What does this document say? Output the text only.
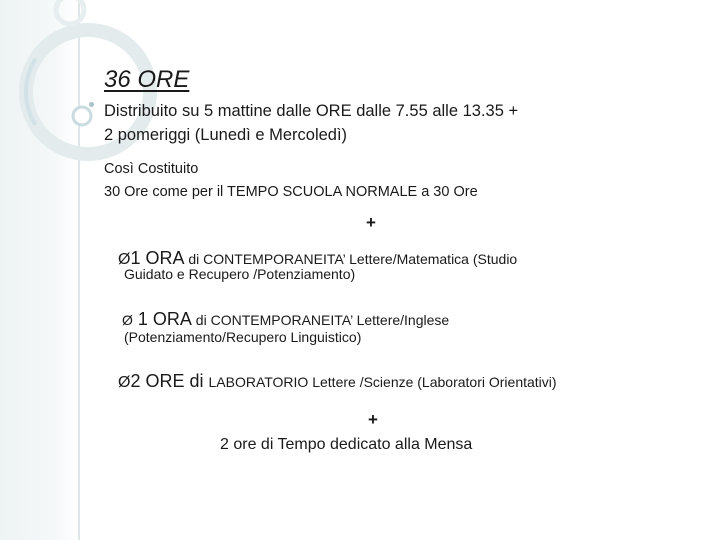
36 ORE
Distribuito su 5 mattine dalle ORE dalle 7.55 alle 13.35 +
2 pomeriggi (Lunedì e Mercoledì)
Così Costituito
30 Ore come per il TEMPO SCUOLA NORMALE a 30 Ore
+
Ø1 ORA di CONTEMPORANEITA’ Lettere/Matematica (Studio
Guidato e Recupero /Potenziamento)
Ø 1 ORA di CONTEMPORANEITA’ Lettere/Inglese
(Potenziamento/Recupero Linguistico)
Ø2 ORE di LABORATORIO Lettere /Scienze (Laboratori Orientativi)
+
2 ore di Tempo dedicato alla Mensa
